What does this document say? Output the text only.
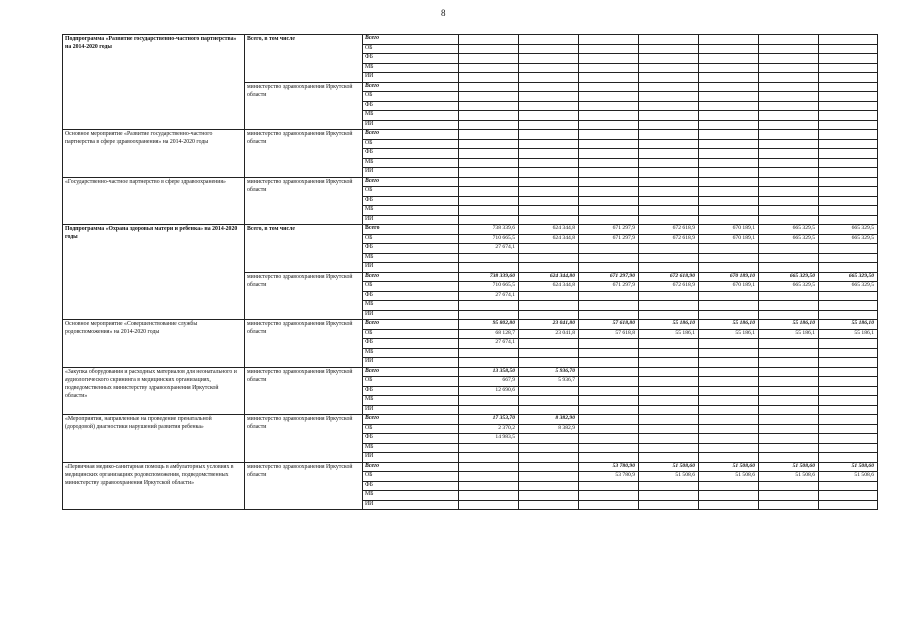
8
Подпрограмма «Развитие государственно-частного партнерства» на 2014-2020 годы	Всего, в том числе	Всего							
		ОБ							
		ФБ							
		МБ							
		ИИ							
	министерство здравоохранения Иркутской области	Всего							
		ОБ							
		ФБ							
		МБ							
		ИИ							
Основное мероприятие «Развитие государственно-частного партнерства в сфере здравоохранения» на 2014-2020 годы	министерство здравоохранения Иркутской области	Всего							
		ОБ							
		ФБ							
		МБ							
		ИИ							
«Государственно-частное партнерство в сфере здравоохранения»	министерство здравоохранения Иркутской области	Всего							
		ОБ							
		ФБ							
		МБ							
		ИИ							
Подпрограмма «Охрана здоровья матери и ребенка» на 2014-2020 годы	Всего, в том числе	Всего	738 339,6	624 344,8	671 297,9	672 618,9	670 189,1	665 329,5	665 329,5
		ОБ	710 665,5	624 344,8	671 297,9	672 618,9	670 189,1	665 329,5	665 329,5
		ФБ	27 674,1						
		МБ							
		ИИ							
	министерство здравоохранения Иркутской области	Всего	738 339,60	624 344,80	671 297,90	672 618,90	670 189,10	665 329,50	665 329,50
		ОБ	710 665,5	624 344,8	671 297,9	672 618,9	670 189,1	665 329,5	665 329,5
		ФБ	27 674,1						
		МБ							
		ИИ							
Основное мероприятие «Совершенствование службы родовспоможения» на 2014-2020 годы	министерство здравоохранения Иркутской области	Всего	95 802,80	23 041,80	57 618,80	55 186,10	55 186,10	55 186,10	55 186,10
		ОБ	68 128,7	23 041,8	57 618,8	55 186,1	55 186,1	55 186,1	55 186,1
		ФБ	27 674,1						
		МБ							
		ИИ							
«Закупка оборудования и расходных материалов для неонатального и аудиологического скрининга в медицинских организациях, подведомственных министерству здравоохранения Иркутской области»	министерство здравоохранения Иркутской области	Всего	13 358,50	5 936,70					
		ОБ	667,9	5 936,7					
		ФБ	12 690,6						
		МБ							
		ИИ							
«Мероприятия, направленные на проведение пренатальной (дородовой) диагностики нарушений развития ребенка»	министерство здравоохранения Иркутской области	Всего	17 353,70	8 382,90					
		ОБ	2 370,2	8 382,9					
		ФБ	14 983,5						
		МБ							
		ИИ							
«Первичная медико-санитарная помощь в амбулаторных условиях в медицинских организациях родовспоможения, подведомственных министерству здравоохранения Иркутской области»	министерство здравоохранения Иркутской области	Всего			53 780,90	51 508,60	51 508,60	51 508,60	51 508,60
		ОБ			53 780,9	51 508,6	51 508,6	51 508,6	51 508,6
		ФБ							
		МБ							
		ИИ							
